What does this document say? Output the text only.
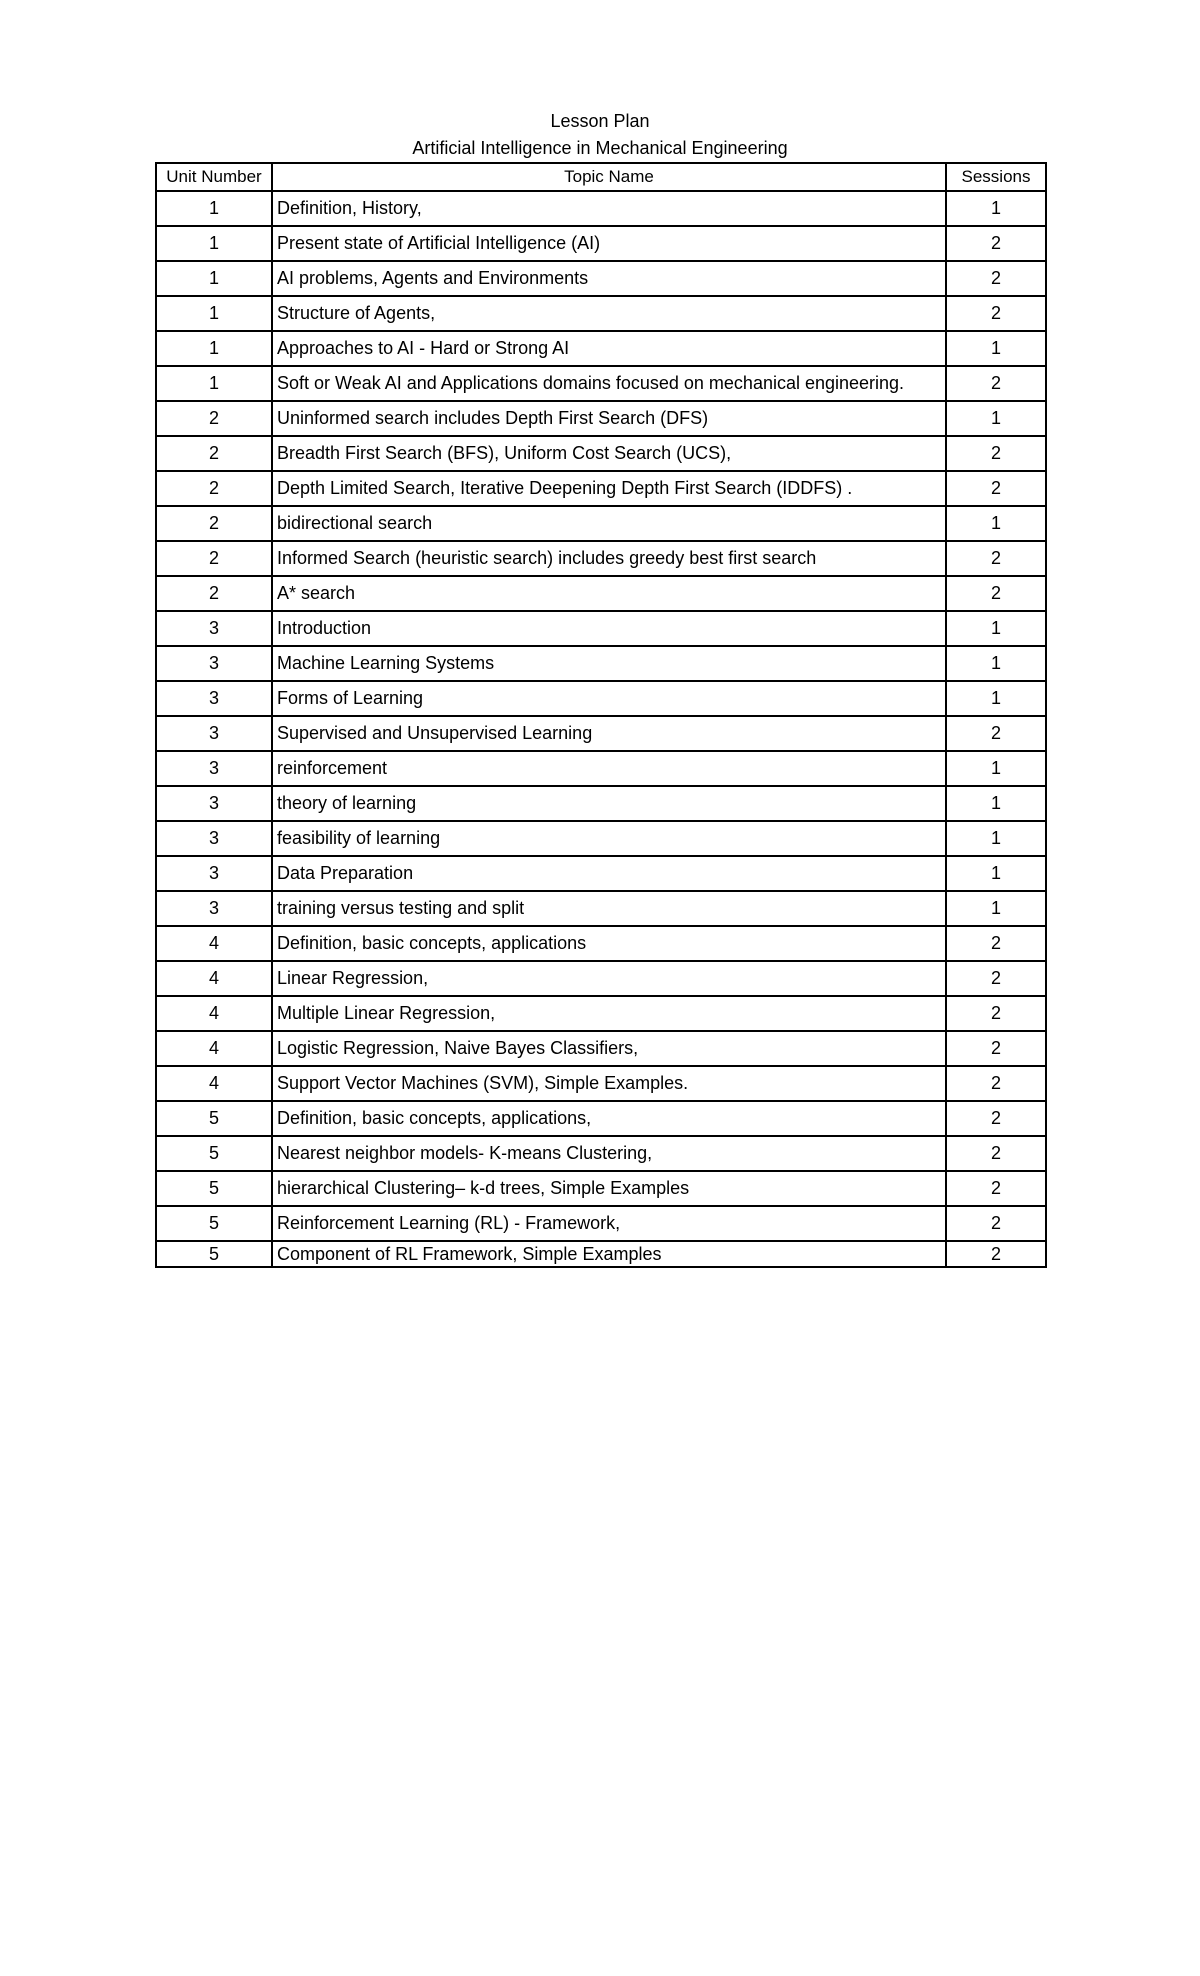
Lesson Plan
Artificial Intelligence in Mechanical Engineering
Unit Number	Topic Name	Sessions
1	Definition, History,	1
1	Present state of Artificial Intelligence (AI)	2
1	AI problems, Agents and Environments	2
1	Structure of Agents,	2
1	Approaches to AI - Hard or Strong AI	1
1	Soft or Weak AI and Applications domains focused on mechanical engineering.	2
2	Uninformed search includes Depth First Search (DFS)	1
2	Breadth First Search (BFS), Uniform Cost Search (UCS),	2
2	Depth Limited Search, Iterative Deepening Depth First Search (IDDFS) .	2
2	bidirectional search	1
2	Informed Search (heuristic search) includes greedy best first search	2
2	A* search	2
3	Introduction	1
3	Machine Learning Systems	1
3	Forms of Learning	1
3	Supervised and Unsupervised Learning	2
3	reinforcement	1
3	theory of learning	1
3	feasibility of learning	1
3	Data Preparation	1
3	training versus testing and split	1
4	Definition, basic concepts, applications	2
4	Linear Regression,	2
4	Multiple Linear Regression,	2
4	Logistic Regression, Naive Bayes Classifiers,	2
4	Support Vector Machines (SVM), Simple Examples.	2
5	Definition, basic concepts, applications,	2
5	Nearest neighbor models- K-means Clustering,	2
5	hierarchical Clustering– k-d trees, Simple Examples	2
5	Reinforcement Learning (RL) - Framework,	2
5	Component of RL Framework, Simple Examples	2
